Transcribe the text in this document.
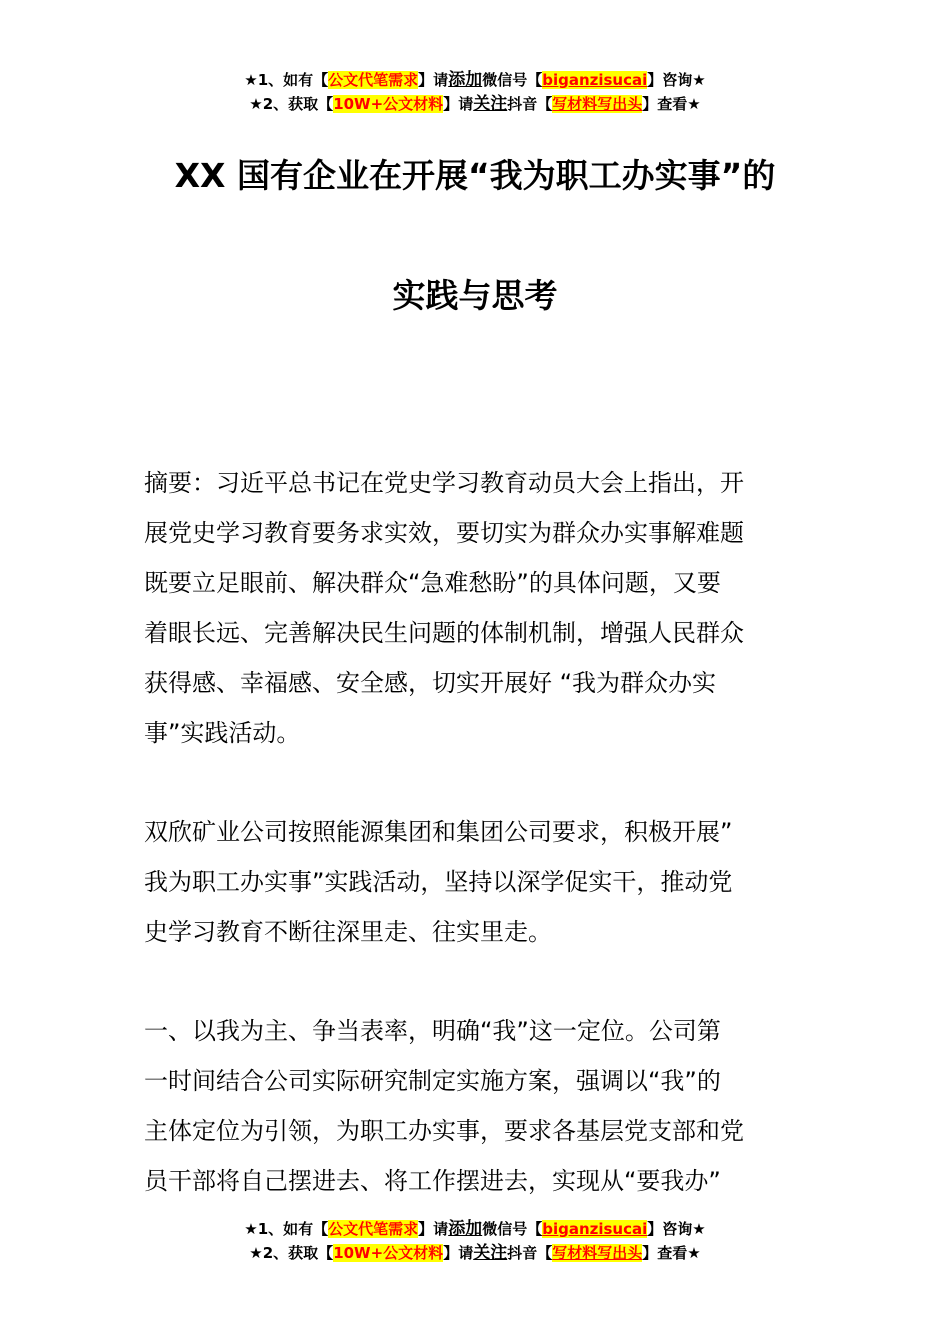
★1、如有【公文代笔需求】请添加微信号【biganzisucai】咨询★
★2、获取【10W+公文材料】请关注抖音【写材料写出头】查看★
XX 国有企业在开展“我为职工办实事”的
实践与思考
摘要：习近平总书记在党史学习教育动员大会上指出，开
展党史学习教育要务求实效，要切实为群众办实事解难题
既要立足眼前、解决群众“急难愁盼”的具体问题，又要
着眼长远、完善解决民生问题的体制机制，增强人民群众
获得感、幸福感、安全感，切实开展好 “我为群众办实
事”实践活动。
双欣矿业公司按照能源集团和集团公司要求，积极开展”
我为职工办实事”实践活动，坚持以深学促实干，推动党
史学习教育不断往深里走、往实里走。
一、以我为主、争当表率，明确“我”这一定位。公司第
一时间结合公司实际研究制定实施方案，强调以“我”的
主体定位为引领，为职工办实事，要求各基层党支部和党
员干部将自己摆进去、将工作摆进去，实现从“要我办”
★1、如有【公文代笔需求】请添加微信号【biganzisucai】咨询★
★2、获取【10W+公文材料】请关注抖音【写材料写出头】查看★
